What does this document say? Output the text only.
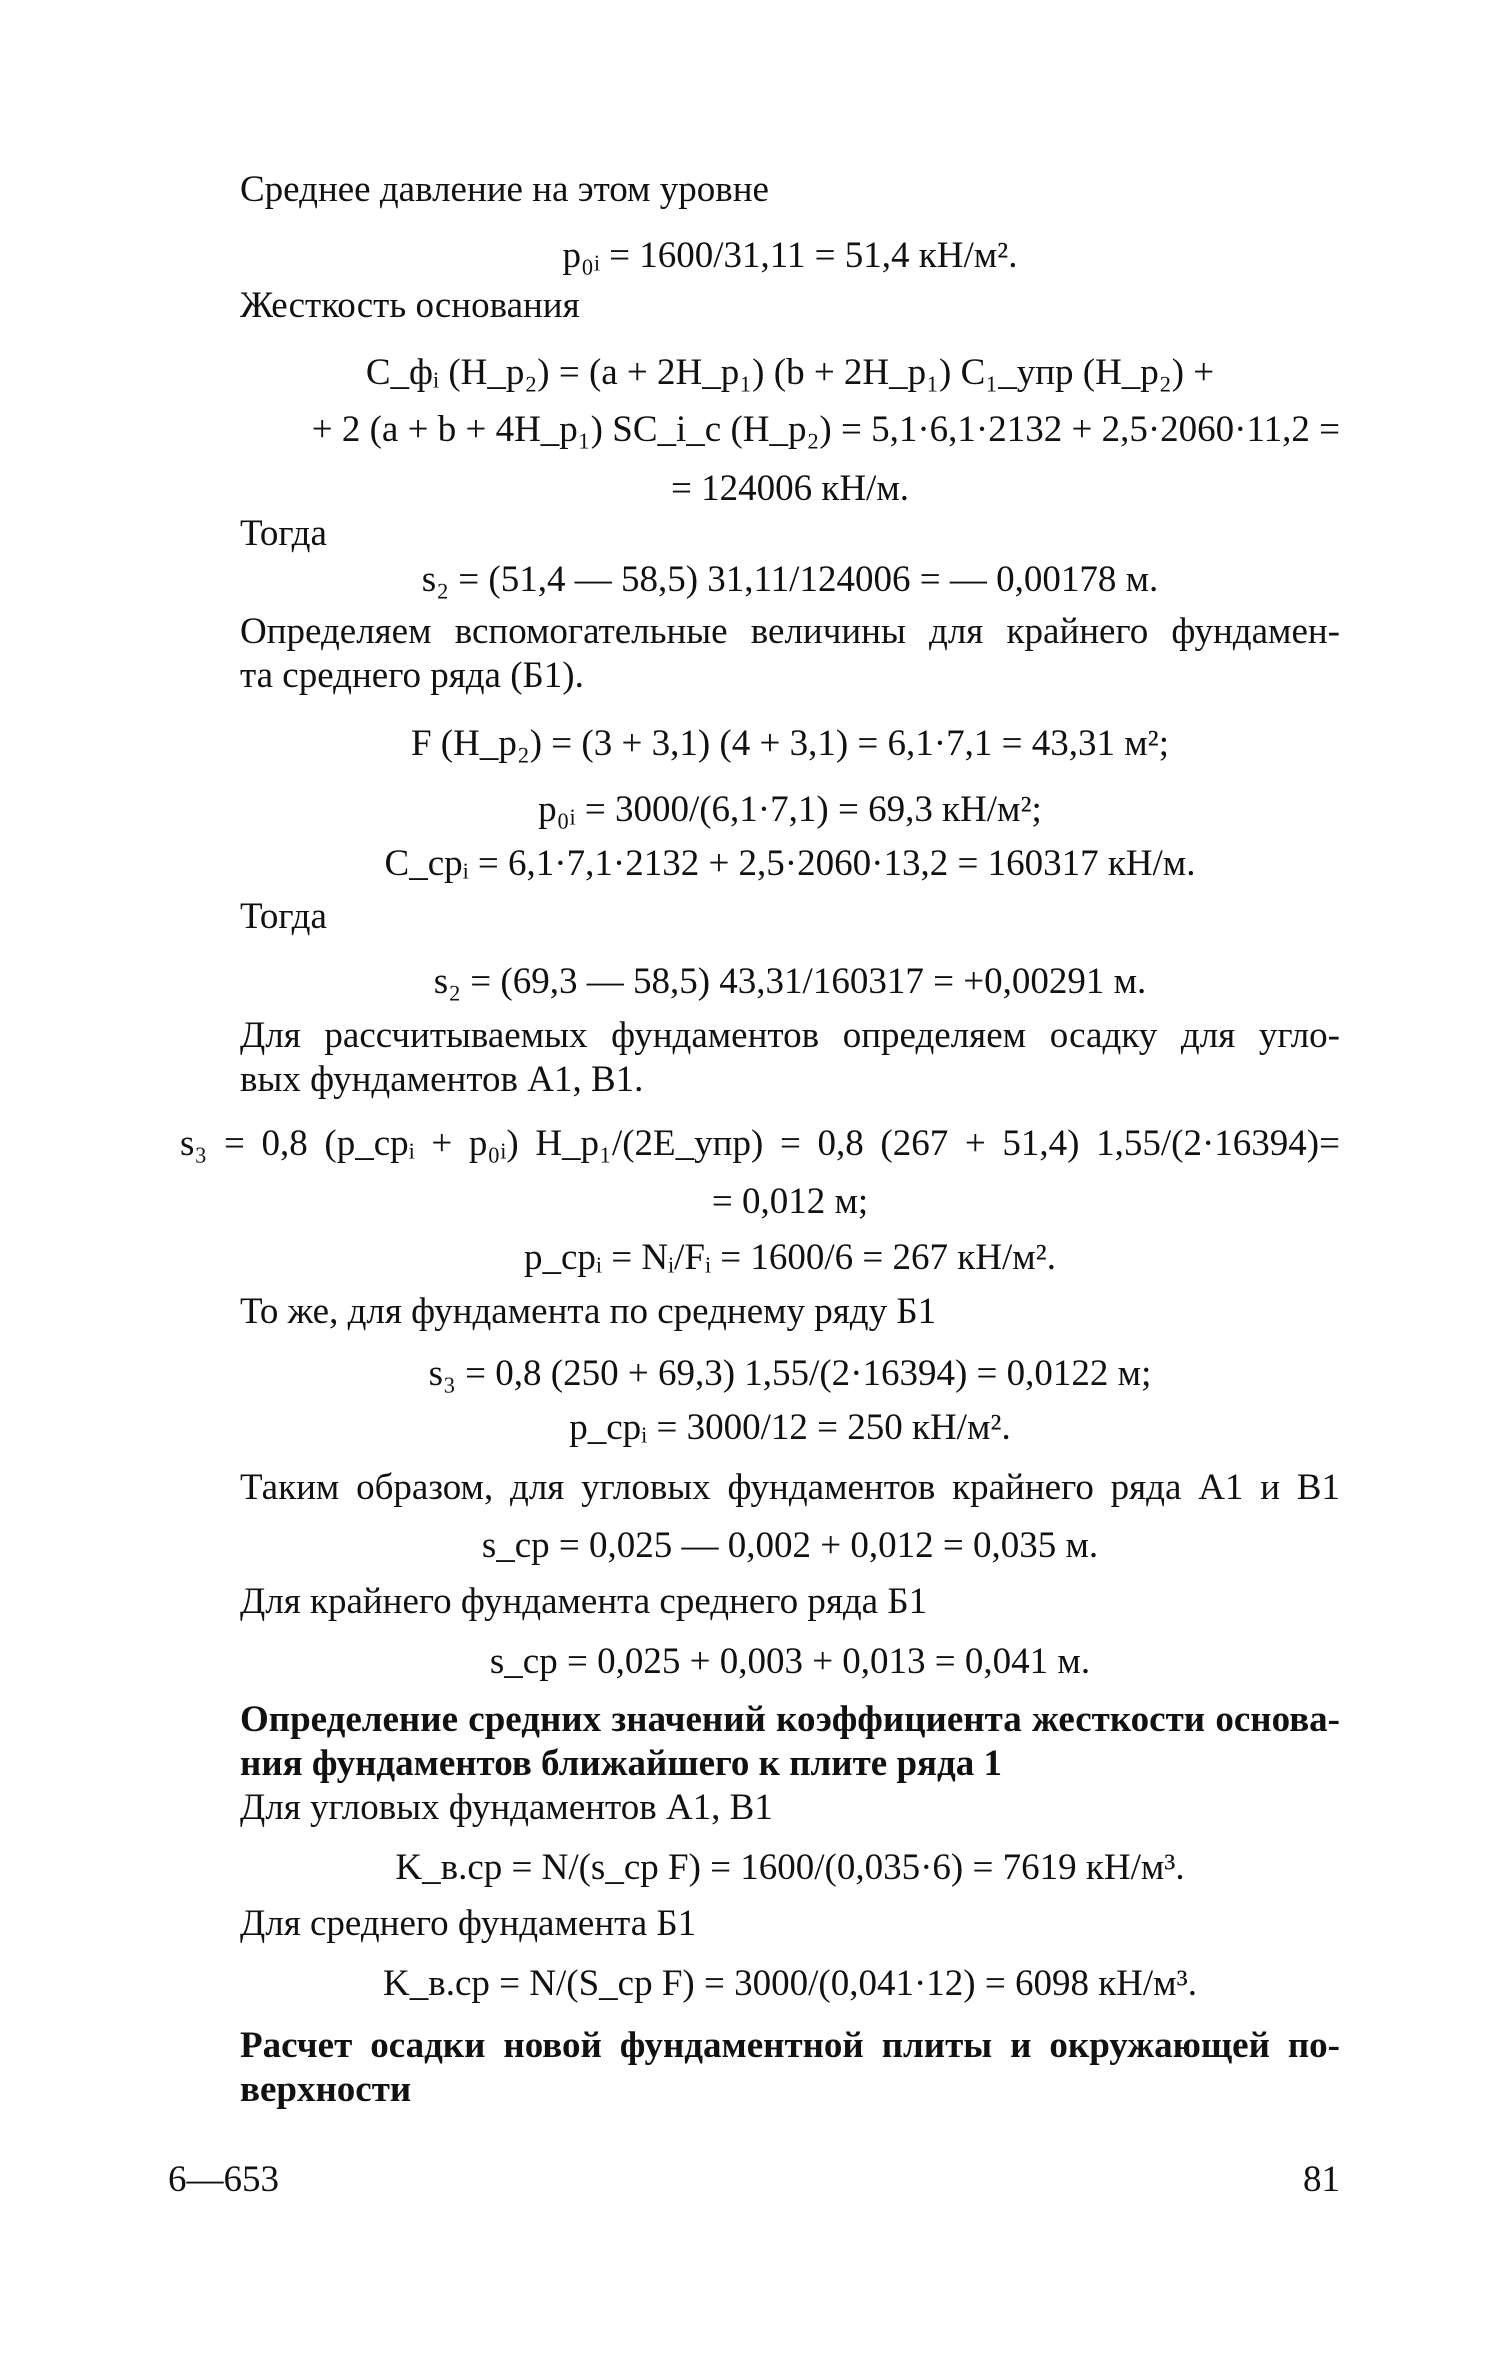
Среднее давление на этом уровне
p₀ᵢ = 1600/31,11 = 51,4 кН/м².
Жесткость основания
C_фᵢ (H_р₂) = (a + 2H_р₁) (b + 2H_р₁) C₁_упр (H_р₂) +
+ 2 (a + b + 4H_р₁) SC_i_с (H_р₂) = 5,1·6,1·2132 + 2,5·2060·11,2 =
= 124006 кН/м.
Тогда
s₂ = (51,4 — 58,5) 31,11/124006 = — 0,00178 м.
Определяем вспомогательные величины для крайнего фундамен-
та среднего ряда (Б1).
F (H_р₂) = (3 + 3,1) (4 + 3,1) = 6,1·7,1 = 43,31 м²;
p₀ᵢ = 3000/(6,1·7,1) = 69,3 кН/м²;
C_срᵢ = 6,1·7,1·2132 + 2,5·2060·13,2 = 160317 кН/м.
Тогда
s₂ = (69,3 — 58,5) 43,31/160317 = +0,00291 м.
Для рассчитываемых фундаментов определяем осадку для угло-
вых фундаментов А1, В1.
s₃ = 0,8 (p_срᵢ + p₀ᵢ) H_р₁/(2E_упр) = 0,8 (267 + 51,4) 1,55/(2·16394)=
= 0,012 м;
p_срᵢ = Nᵢ/Fᵢ = 1600/6 = 267 кН/м².
То же, для фундамента по среднему ряду Б1
s₃ = 0,8 (250 + 69,3) 1,55/(2·16394) = 0,0122 м;
p_срᵢ = 3000/12 = 250 кН/м².
Таким образом, для угловых фундаментов крайнего ряда А1 и В1
s_ср = 0,025 — 0,002 + 0,012 = 0,035 м.
Для крайнего фундамента среднего ряда Б1
s_ср = 0,025 + 0,003 + 0,013 = 0,041 м.
Определение средних значений коэффициента жесткости основа-
ния фундаментов ближайшего к плите ряда 1
Для угловых фундаментов А1, В1
K_в.ср = N/(s_ср F) = 1600/(0,035·6) = 7619 кН/м³.
Для среднего фундамента Б1
K_в.ср = N/(S_ср F) = 3000/(0,041·12) = 6098 кН/м³.
Расчет осадки новой фундаментной плиты и окружающей по-
верхности
6—653	81
